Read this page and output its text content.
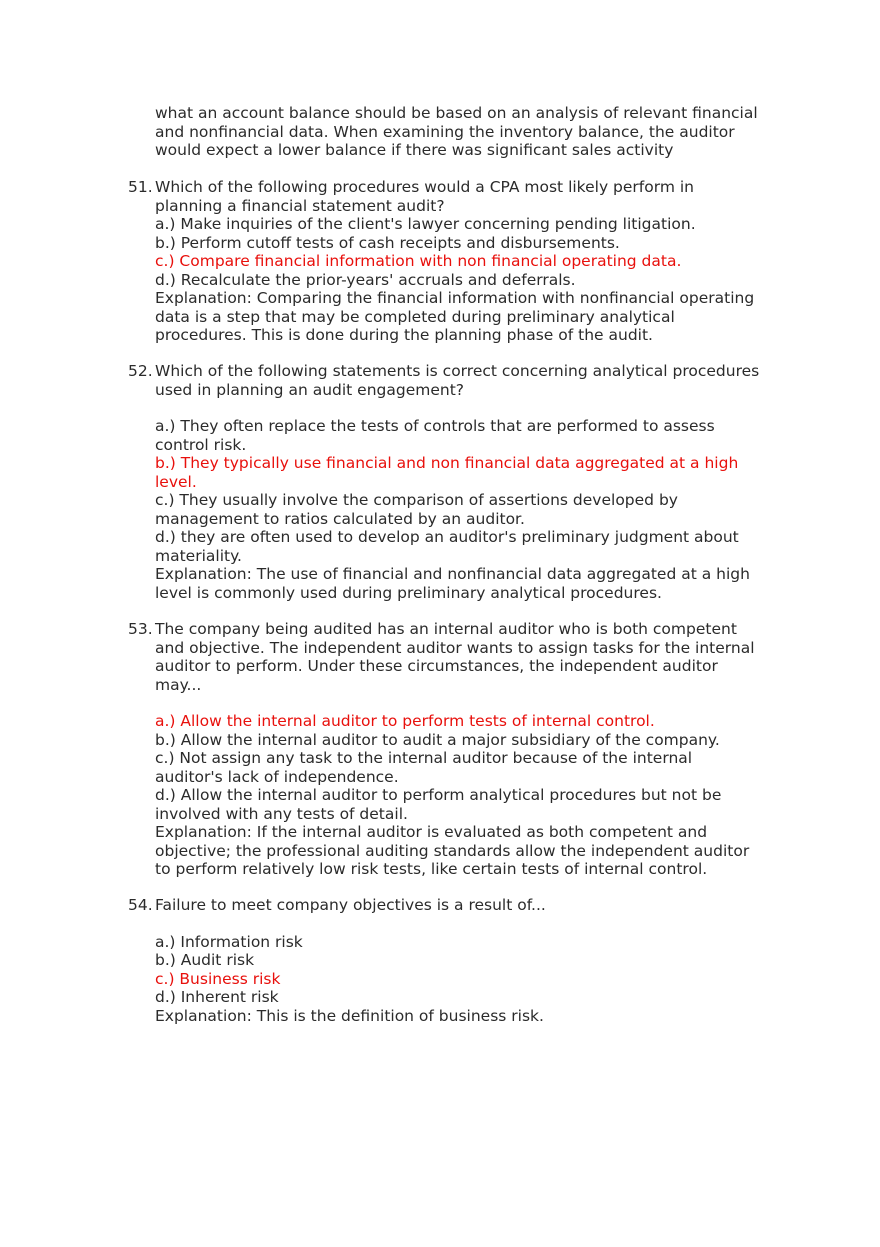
what an account balance should be based on an analysis of relevant financial
and nonfinancial data. When examining the inventory balance, the auditor
would expect a lower balance if there was significant sales activity
51. Which of the following procedures would a CPA most likely perform in
planning a financial statement audit?
a.) Make inquiries of the client's lawyer concerning pending litigation.
b.) Perform cutoff tests of cash receipts and disbursements.
c.) Compare financial information with non financial operating data.
d.) Recalculate the prior-years' accruals and deferrals.
Explanation: Comparing the financial information with nonfinancial operating
data is a step that may be completed during preliminary analytical
procedures. This is done during the planning phase of the audit.
52. Which of the following statements is correct concerning analytical procedures
used in planning an audit engagement?
a.) They often replace the tests of controls that are performed to assess
control risk.
b.) They typically use financial and non financial data aggregated at a high
level.
c.) They usually involve the comparison of assertions developed by
management to ratios calculated by an auditor.
d.) they are often used to develop an auditor's preliminary judgment about
materiality.
Explanation: The use of financial and nonfinancial data aggregated at a high
level is commonly used during preliminary analytical procedures.
53. The company being audited has an internal auditor who is both competent
and objective. The independent auditor wants to assign tasks for the internal
auditor to perform. Under these circumstances, the independent auditor
may...
a.) Allow the internal auditor to perform tests of internal control.
b.) Allow the internal auditor to audit a major subsidiary of the company.
c.) Not assign any task to the internal auditor because of the internal
auditor's lack of independence.
d.) Allow the internal auditor to perform analytical procedures but not be
involved with any tests of detail.
Explanation: If the internal auditor is evaluated as both competent and
objective; the professional auditing standards allow the independent auditor
to perform relatively low risk tests, like certain tests of internal control.
54. Failure to meet company objectives is a result of...
a.) Information risk
b.) Audit risk
c.) Business risk
d.) Inherent risk
Explanation: This is the definition of business risk.
